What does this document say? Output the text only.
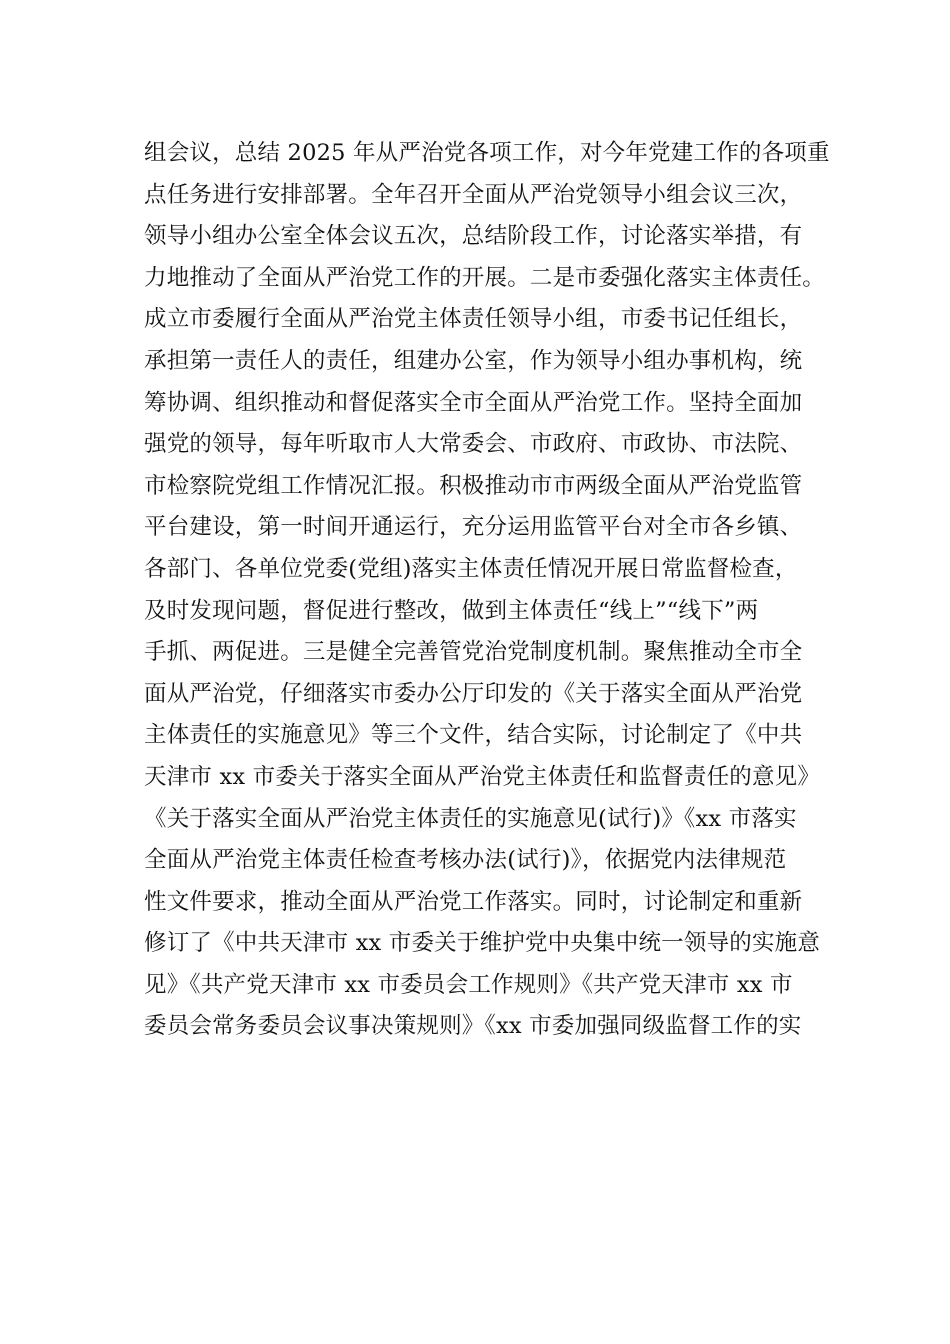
组会议，总结 2025 年从严治党各项工作，对今年党建工作的各项重
点任务进行安排部署。全年召开全面从严治党领导小组会议三次，
领导小组办公室全体会议五次，总结阶段工作，讨论落实举措，有
力地推动了全面从严治党工作的开展。二是市委强化落实主体责任。
成立市委履行全面从严治党主体责任领导小组，市委书记任组长，
承担第一责任人的责任，组建办公室，作为领导小组办事机构，统
筹协调、组织推动和督促落实全市全面从严治党工作。坚持全面加
强党的领导，每年听取市人大常委会、市政府、市政协、市法院、
市检察院党组工作情况汇报。积极推动市市两级全面从严治党监管
平台建设，第一时间开通运行，充分运用监管平台对全市各乡镇、
各部门、各单位党委(党组)落实主体责任情况开展日常监督检查，
及时发现问题，督促进行整改，做到主体责任“线上”“线下”两
手抓、两促进。三是健全完善管党治党制度机制。聚焦推动全市全
面从严治党，仔细落实市委办公厅印发的《关于落实全面从严治党
主体责任的实施意见》等三个文件，结合实际，讨论制定了《中共
天津市 xx 市委关于落实全面从严治党主体责任和监督责任的意见》
《关于落实全面从严治党主体责任的实施意见(试行)》《xx 市落实
全面从严治党主体责任检查考核办法(试行)》，依据党内法律规范
性文件要求，推动全面从严治党工作落实。同时，讨论制定和重新
修订了《中共天津市 xx 市委关于维护党中央集中统一领导的实施意
见》《共产党天津市 xx 市委员会工作规则》《共产党天津市 xx 市
委员会常务委员会议事决策规则》《xx 市委加强同级监督工作的实
